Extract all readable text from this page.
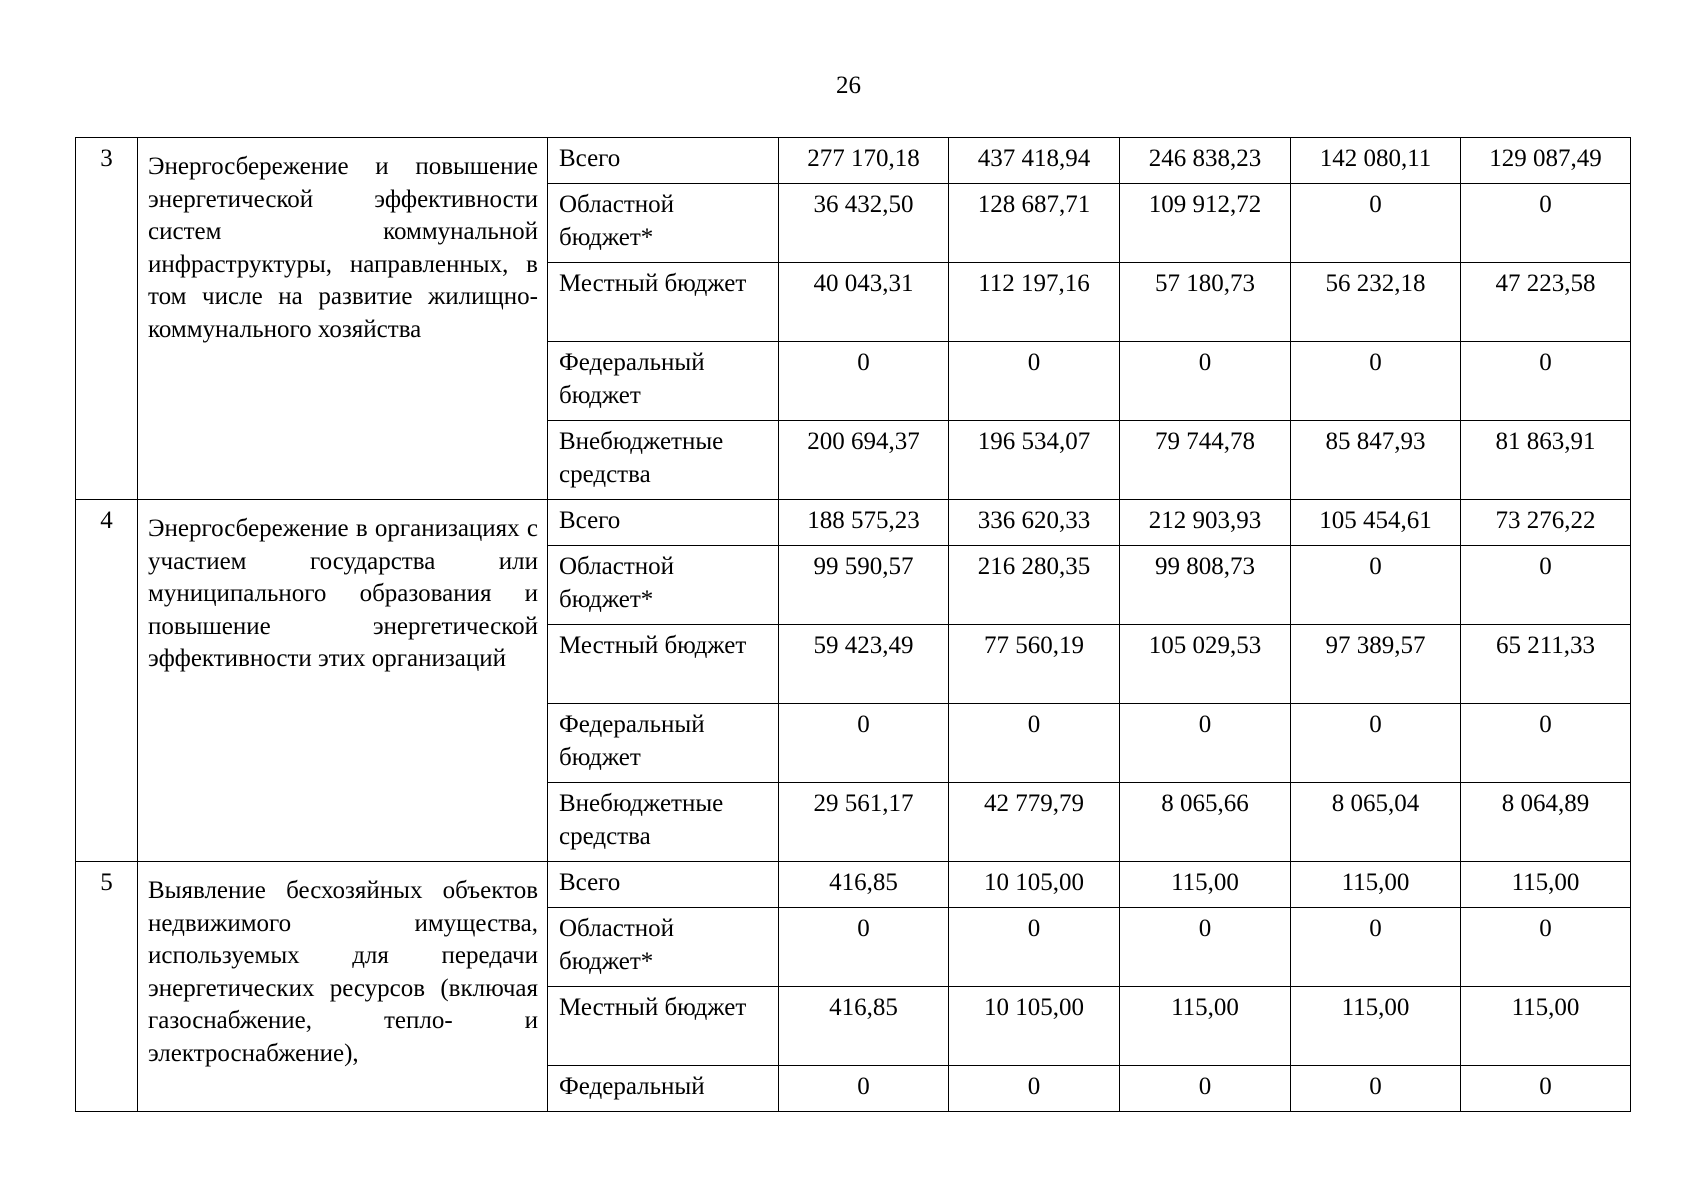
26
3	Энергосбережение и повышение энергетической эффективности систем коммунальной инфраструктуры, направленных, в том числе на развитие жилищно-коммунального хозяйства	Всего	277 170,18	437 418,94	246 838,23	142 080,11	129 087,49
		Областной бюджет*	36 432,50	128 687,71	109 912,72	0	0
		Местный бюджет	40 043,31	112 197,16	57 180,73	56 232,18	47 223,58
		Федеральный бюджет	0	0	0	0	0
		Внебюджетные средства	200 694,37	196 534,07	79 744,78	85 847,93	81 863,91
4	Энергосбережение в организациях с участием государства или муниципального образования и повышение энергетической эффективности этих организаций	Всего	188 575,23	336 620,33	212 903,93	105 454,61	73 276,22
		Областной бюджет*	99 590,57	216 280,35	99 808,73	0	0
		Местный бюджет	59 423,49	77 560,19	105 029,53	97 389,57	65 211,33
		Федеральный бюджет	0	0	0	0	0
		Внебюджетные средства	29 561,17	42 779,79	8 065,66	8 065,04	8 064,89
5	Выявление бесхозяйных объектов недвижимого имущества, используемых для передачи энергетических ресурсов (включая газоснабжение, тепло- и электроснабжение),	Всего	416,85	10 105,00	115,00	115,00	115,00
		Областной бюджет*	0	0	0	0	0
		Местный бюджет	416,85	10 105,00	115,00	115,00	115,00
		Федеральный	0	0	0	0	0
